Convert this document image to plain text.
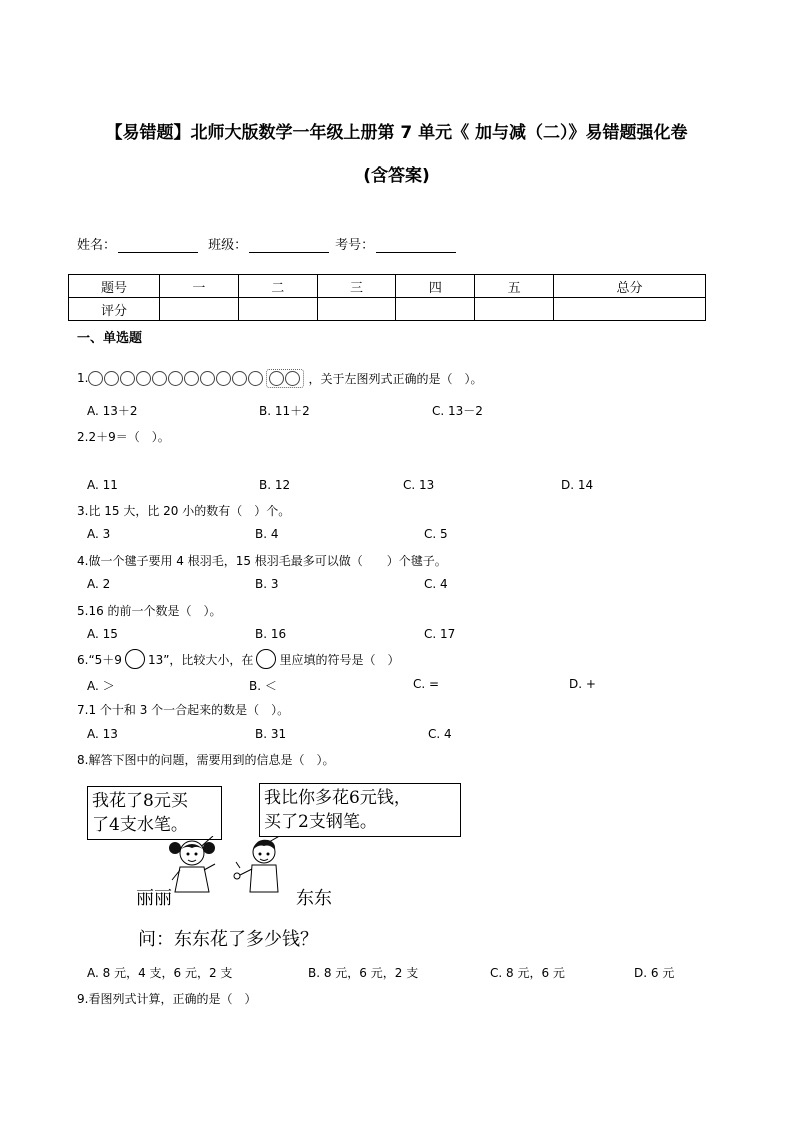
【易错题】北师大版数学一年级上册第 7 单元《 加与减（二）》易错题强化卷
(含答案)
姓名：	班级：	考号：
题号	一	二	三	四	五	总分
评分						
一、单选题
1.	，关于左图列式正确的是（　）。
A. 13＋2	B. 11＋2	C. 13－2
2.2＋9＝（　）。
A. 11	B. 12	C. 13	D. 14
3.比 15 大，比 20 小的数有（　）个。
A. 3	B. 4	C. 5
4.做一个毽子要用 4 根羽毛，15 根羽毛最多可以做（　　）个毽子。
A. 2	B. 3	C. 4
5.16 的前一个数是（　）。
A. 15	B. 16	C. 17
6.“5＋9 13”，比较大小，在 里应填的符号是（　）
A. ＞	B. ＜	C. =	D. +
7.1 个十和 3 个一合起来的数是（　）。
A. 13	B. 31	C. 4
8.解答下图中的问题，需要用到的信息是（　）。
我花了8元买
了4支水笔。
我比你多花6元钱，
买了2支钢笔。
丽丽	东东
问：东东花了多少钱？
A. 8 元，4 支，6 元，2 支	B. 8 元，6 元，2 支	C. 8 元，6 元	D. 6 元
9.看图列式计算，正确的是（　）
